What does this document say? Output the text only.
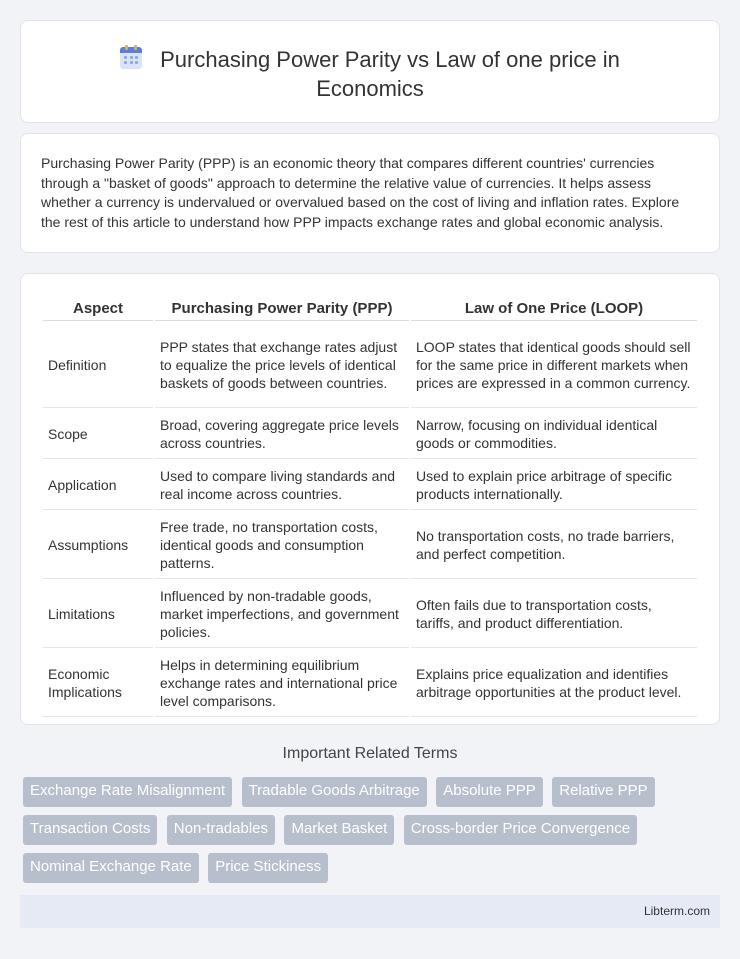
Purchasing Power Parity vs Law of one price in
Economics

Purchasing Power Parity (PPP) is an economic theory that compares different countries' currencies through a "basket of goods" approach to determine the relative value of currencies. It helps assess whether a currency is undervalued or overvalued based on the cost of living and inflation rates. Explore the rest of this article to understand how PPP impacts exchange rates and global economic analysis.

Aspect	Purchasing Power Parity (PPP)	Law of One Price (LOOP)
Definition	PPP states that exchange rates adjust to equalize the price levels of identical baskets of goods between countries.	LOOP states that identical goods should sell for the same price in different markets when prices are expressed in a common currency.
Scope	Broad, covering aggregate price levels across countries.	Narrow, focusing on individual identical goods or commodities.
Application	Used to compare living standards and real income across countries.	Used to explain price arbitrage of specific products internationally.
Assumptions	Free trade, no transportation costs, identical goods and consumption patterns.	No transportation costs, no trade barriers, and perfect competition.
Limitations	Influenced by non-tradable goods, market imperfections, and government policies.	Often fails due to transportation costs, tariffs, and product differentiation.
Economic Implications	Helps in determining equilibrium exchange rates and international price level comparisons.	Explains price equalization and identifies arbitrage opportunities at the product level.
Important Related Terms
Exchange Rate Misalignment Tradable Goods Arbitrage Absolute PPP Relative PPP Transaction Costs Non-tradables Market Basket Cross-border Price Convergence Nominal Exchange Rate Price Stickiness
Libterm.com
